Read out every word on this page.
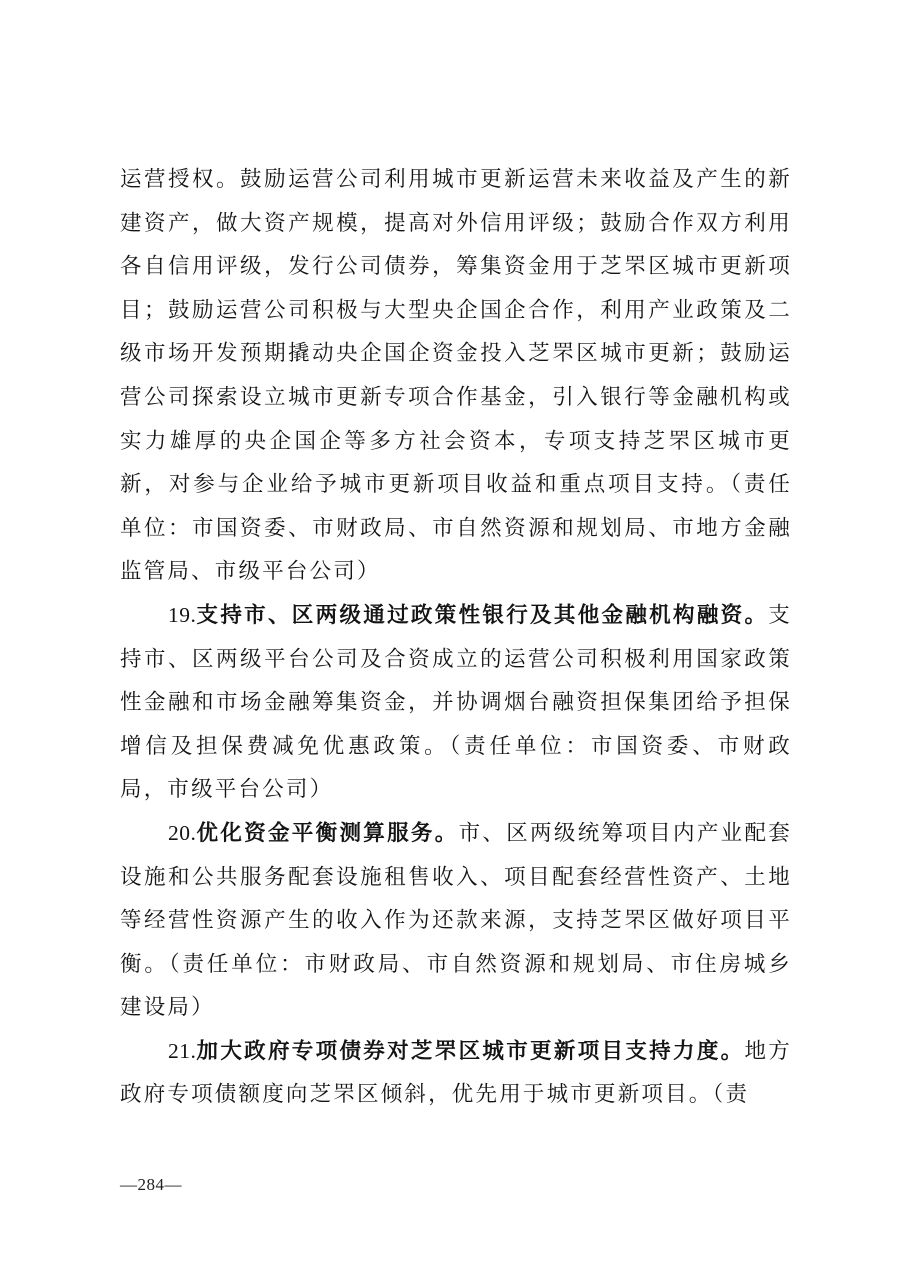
运营授权。鼓励运营公司利用城市更新运营未来收益及产生的新建资产，做大资产规模，提高对外信用评级；鼓励合作双方利用各自信用评级，发行公司债券，筹集资金用于芝罘区城市更新项目；鼓励运营公司积极与大型央企国企合作，利用产业政策及二级市场开发预期撬动央企国企资金投入芝罘区城市更新；鼓励运营公司探索设立城市更新专项合作基金，引入银行等金融机构或实力雄厚的央企国企等多方社会资本，专项支持芝罘区城市更新，对参与企业给予城市更新项目收益和重点项目支持。（责任单位：市国资委、市财政局、市自然资源和规划局、市地方金融监管局、市级平台公司）

19.支持市、区两级通过政策性银行及其他金融机构融资。支持市、区两级平台公司及合资成立的运营公司积极利用国家政策性金融和市场金融筹集资金，并协调烟台融资担保集团给予担保增信及担保费减免优惠政策。（责任单位：市国资委、市财政局，市级平台公司）

20.优化资金平衡测算服务。市、区两级统筹项目内产业配套设施和公共服务配套设施租售收入、项目配套经营性资产、土地等经营性资源产生的收入作为还款来源，支持芝罘区做好项目平衡。（责任单位：市财政局、市自然资源和规划局、市住房城乡建设局）

21.加大政府专项债券对芝罘区城市更新项目支持力度。地方政府专项债额度向芝罘区倾斜，优先用于城市更新项目。（责

—284—
